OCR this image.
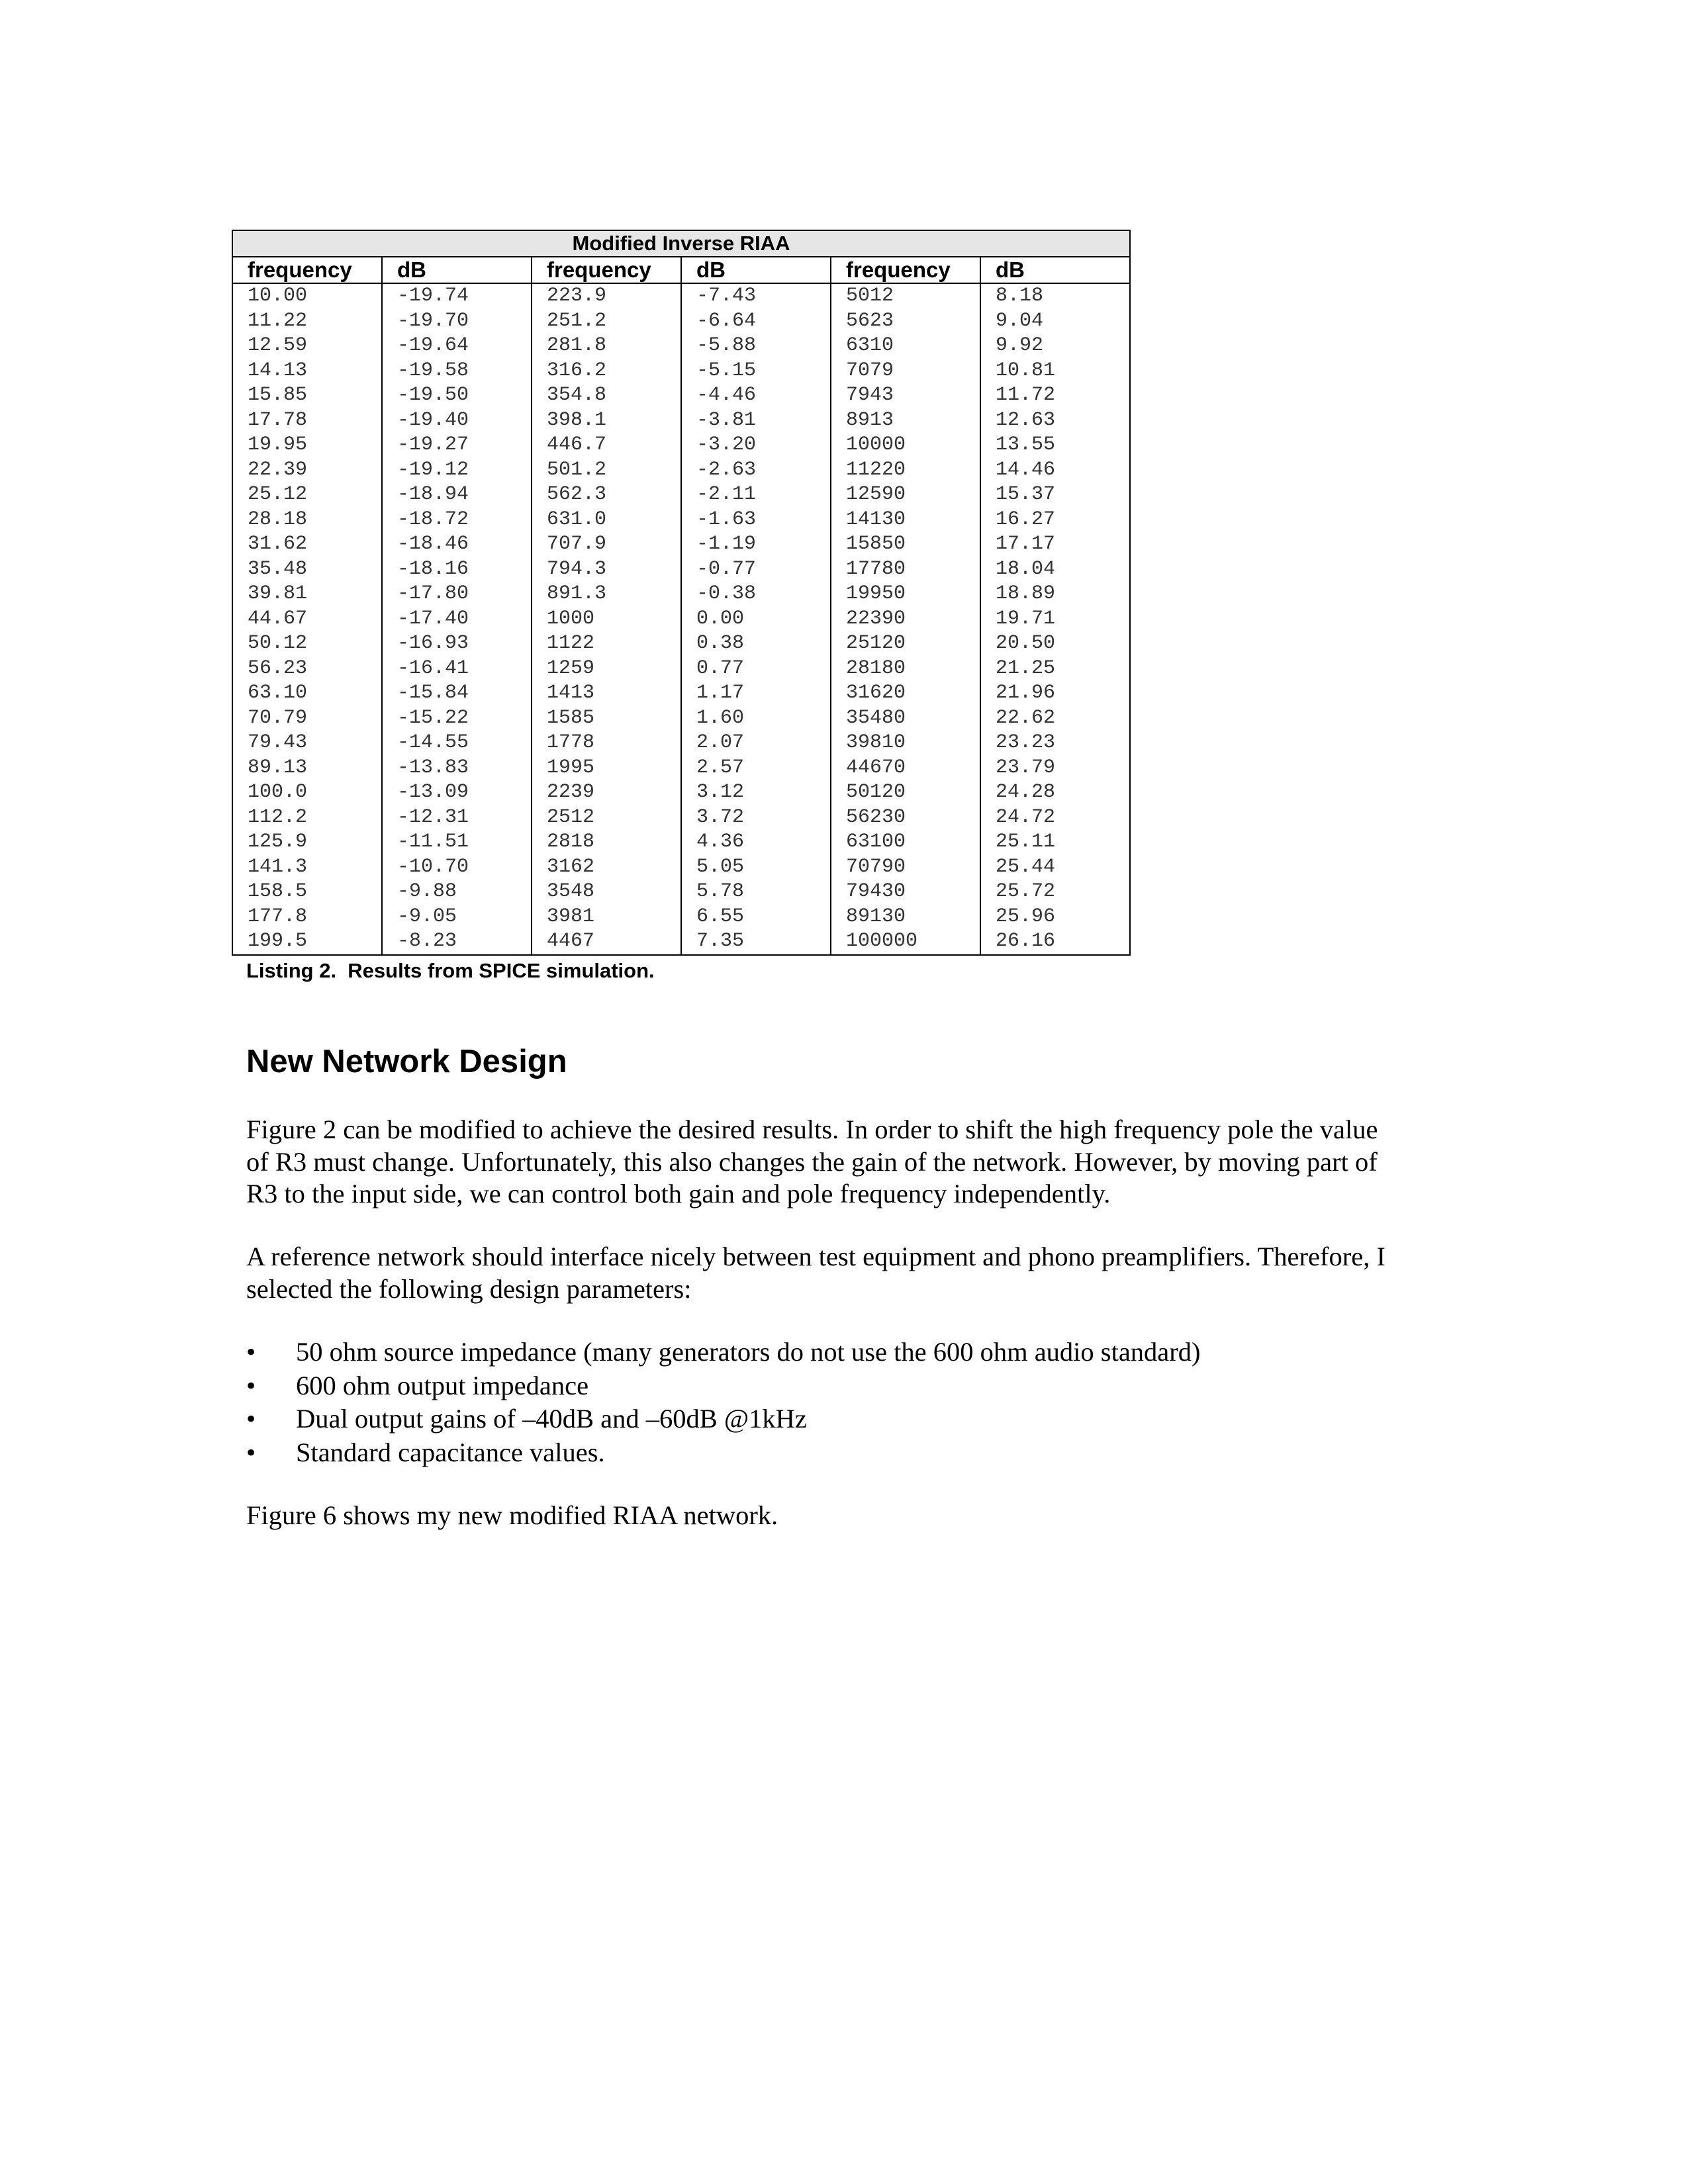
Modified Inverse RIAA					
frequency	dB	frequency	dB	frequency	dB
10.00	-19.74	223.9	-7.43	5012	8.18
11.22	-19.70	251.2	-6.64	5623	9.04
12.59	-19.64	281.8	-5.88	6310	9.92
14.13	-19.58	316.2	-5.15	7079	10.81
15.85	-19.50	354.8	-4.46	7943	11.72
17.78	-19.40	398.1	-3.81	8913	12.63
19.95	-19.27	446.7	-3.20	10000	13.55
22.39	-19.12	501.2	-2.63	11220	14.46
25.12	-18.94	562.3	-2.11	12590	15.37
28.18	-18.72	631.0	-1.63	14130	16.27
31.62	-18.46	707.9	-1.19	15850	17.17
35.48	-18.16	794.3	-0.77	17780	18.04
39.81	-17.80	891.3	-0.38	19950	18.89
44.67	-17.40	1000	0.00	22390	19.71
50.12	-16.93	1122	0.38	25120	20.50
56.23	-16.41	1259	0.77	28180	21.25
63.10	-15.84	1413	1.17	31620	21.96
70.79	-15.22	1585	1.60	35480	22.62
79.43	-14.55	1778	2.07	39810	23.23
89.13	-13.83	1995	2.57	44670	23.79
100.0	-13.09	2239	3.12	50120	24.28
112.2	-12.31	2512	3.72	56230	24.72
125.9	-11.51	2818	4.36	63100	25.11
141.3	-10.70	3162	5.05	70790	25.44
158.5	-9.88	3548	5.78	79430	25.72
177.8	-9.05	3981	6.55	89130	25.96
199.5	-8.23	4467	7.35	100000	26.16

Listing 2.  Results from SPICE simulation.

New Network Design

Figure 2 can be modified to achieve the desired results. In order to shift the high frequency pole the value
of R3 must change. Unfortunately, this also changes the gain of the network. However, by moving part of
R3 to the input side, we can control both gain and pole frequency independently.

A reference network should interface nicely between test equipment and phono preamplifiers. Therefore, I
selected the following design parameters:

• 50 ohm source impedance (many generators do not use the 600 ohm audio standard)
• 600 ohm output impedance
• Dual output gains of –40dB and –60dB @1kHz
• Standard capacitance values.

Figure 6 shows my new modified RIAA network.
